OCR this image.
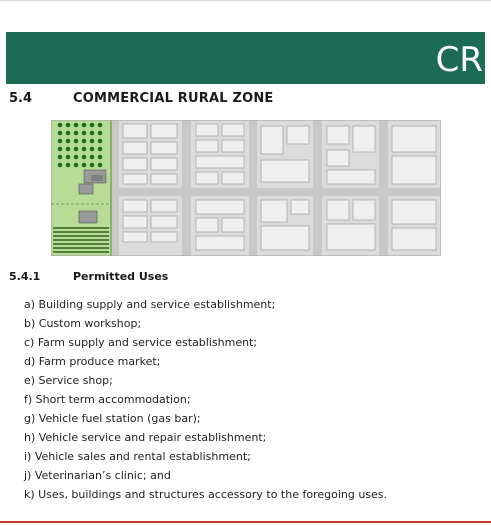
CR
5.4	COMMERCIAL RURAL ZONE
5.4.1	Permitted Uses
a) Building supply and service establishment;
b) Custom workshop;
c) Farm supply and service establishment;
d) Farm produce market;
e) Service shop;
f) Short term accommodation;
g) Vehicle fuel station (gas bar);
h) Vehicle service and repair establishment;
i) Vehicle sales and rental establishment;
j) Veterinarian’s clinic; and
k) Uses, buildings and structures accessory to the foregoing uses.
